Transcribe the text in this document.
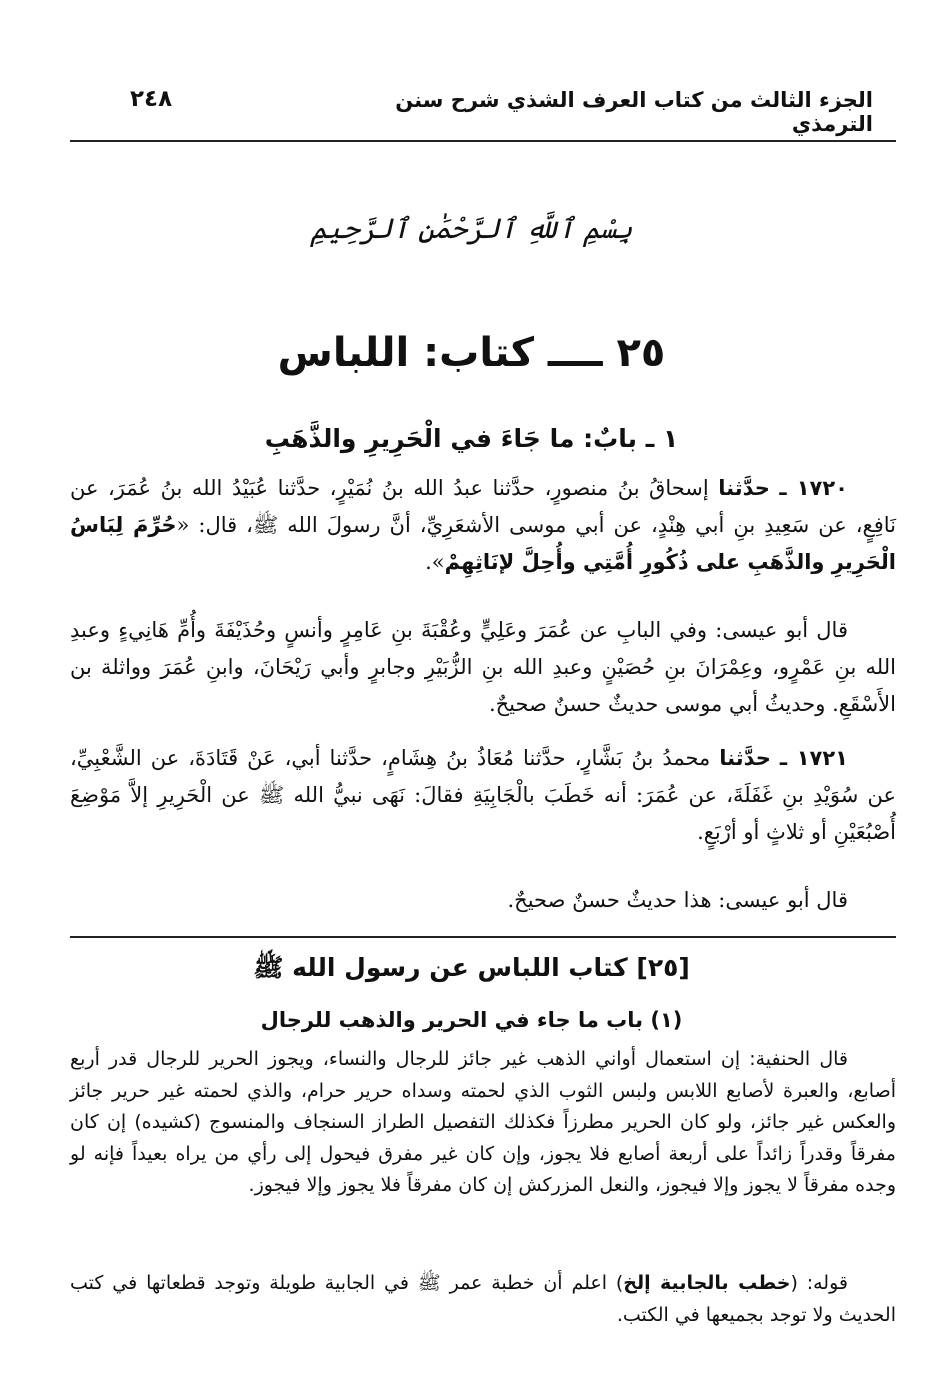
الجزء الثالث من كتاب العرف الشذي شرح سنن الترمذي
٢٤٨
بِسْمِ ٱللَّهِ ٱلرَّحْمَٰنِ ٱلرَّحِيمِ
٢٥ ــــ كتاب: اللباس
١ ـ بابٌ: ما جَاءَ في الْحَرِيرِ والذَّهَبِ
١٧٢٠ ـ حدَّثنا إسحاقُ بنُ منصورٍ، حدَّثنا عبدُ الله بنُ نُمَيْرٍ، حدَّثنا عُبَيْدُ الله بنُ عُمَرَ، عن نَافِعٍ، عن سَعِيدِ بنِ أبي هِنْدٍ، عن أبي موسى الأشعَرِيِّ، أنَّ رسولَ الله ﷺ، قال: «حُرِّمَ لِبَاسُ الْحَرِيرِ والذَّهَبِ على ذُكُورِ أُمَّتِي وأُحِلَّ لإنَاثِهِمْ».
قال أبو عيسى: وفي البابِ عن عُمَرَ وعَلِيٍّ وعُقْبَةَ بنِ عَامِرٍ وأنسٍ وحُذَيْفَةَ وأُمِّ هَانِيءٍ وعبدِ الله بنِ عَمْرٍو، وعِمْرَانَ بنِ حُصَيْنٍ وعبدِ الله بنِ الزُّبَيْرِ وجابرٍ وأبي رَيْحَانَ، وابنِ عُمَرَ وواثلة بن الأَسْقَعِ. وحديثُ أبي موسى حديثٌ حسنٌ صحيحٌ.
١٧٢١ ـ حدَّثنا محمدُ بنُ بَشَّارٍ، حدَّثنا مُعَاذُ بنُ هِشَامٍ، حدَّثنا أبي، عَنْ قَتَادَةَ، عن الشَّعْبِيِّ، عن سُوَيْدِ بنِ غَفَلَةَ، عن عُمَرَ: أنه خَطَبَ بالْجَابِيَةِ فقالَ: نَهَى نبيُّ الله ﷺ عن الْحَرِيرِ إلاَّ مَوْضِعَ أُصْبُعَيْنِ أو ثلاثٍ أو أرْبَعٍ.
قال أبو عيسى: هذا حديثٌ حسنٌ صحيحٌ.
[٢٥] كتاب اللباس عن رسول الله ﷺ
(١) باب ما جاء في الحرير والذهب للرجال
قال الحنفية: إن استعمال أواني الذهب غير جائز للرجال والنساء، ويجوز الحرير للرجال قدر أربع أصابع، والعبرة لأصابع اللابس ولبس الثوب الذي لحمته وسداه حرير حرام، والذي لحمته غير حرير جائز والعكس غير جائز، ولو كان الحرير مطرزاً فكذلك التفصيل الطراز السنجاف والمنسوج (كشيده) إن كان مفرقاً وقدراً زائداً على أربعة أصابع فلا يجوز، وإن كان غير مفرق فيحول إلى رأي من يراه بعيداً فإنه لو وجده مفرقاً لا يجوز وإلا فيجوز، والنعل المزركش إن كان مفرقاً فلا يجوز وإلا فيجوز.
قوله: (خطب بالجابية إلخ) اعلم أن خطبة عمر ﷺ في الجابية طويلة وتوجد قطعاتها في كتب الحديث ولا توجد بجميعها في الكتب.
